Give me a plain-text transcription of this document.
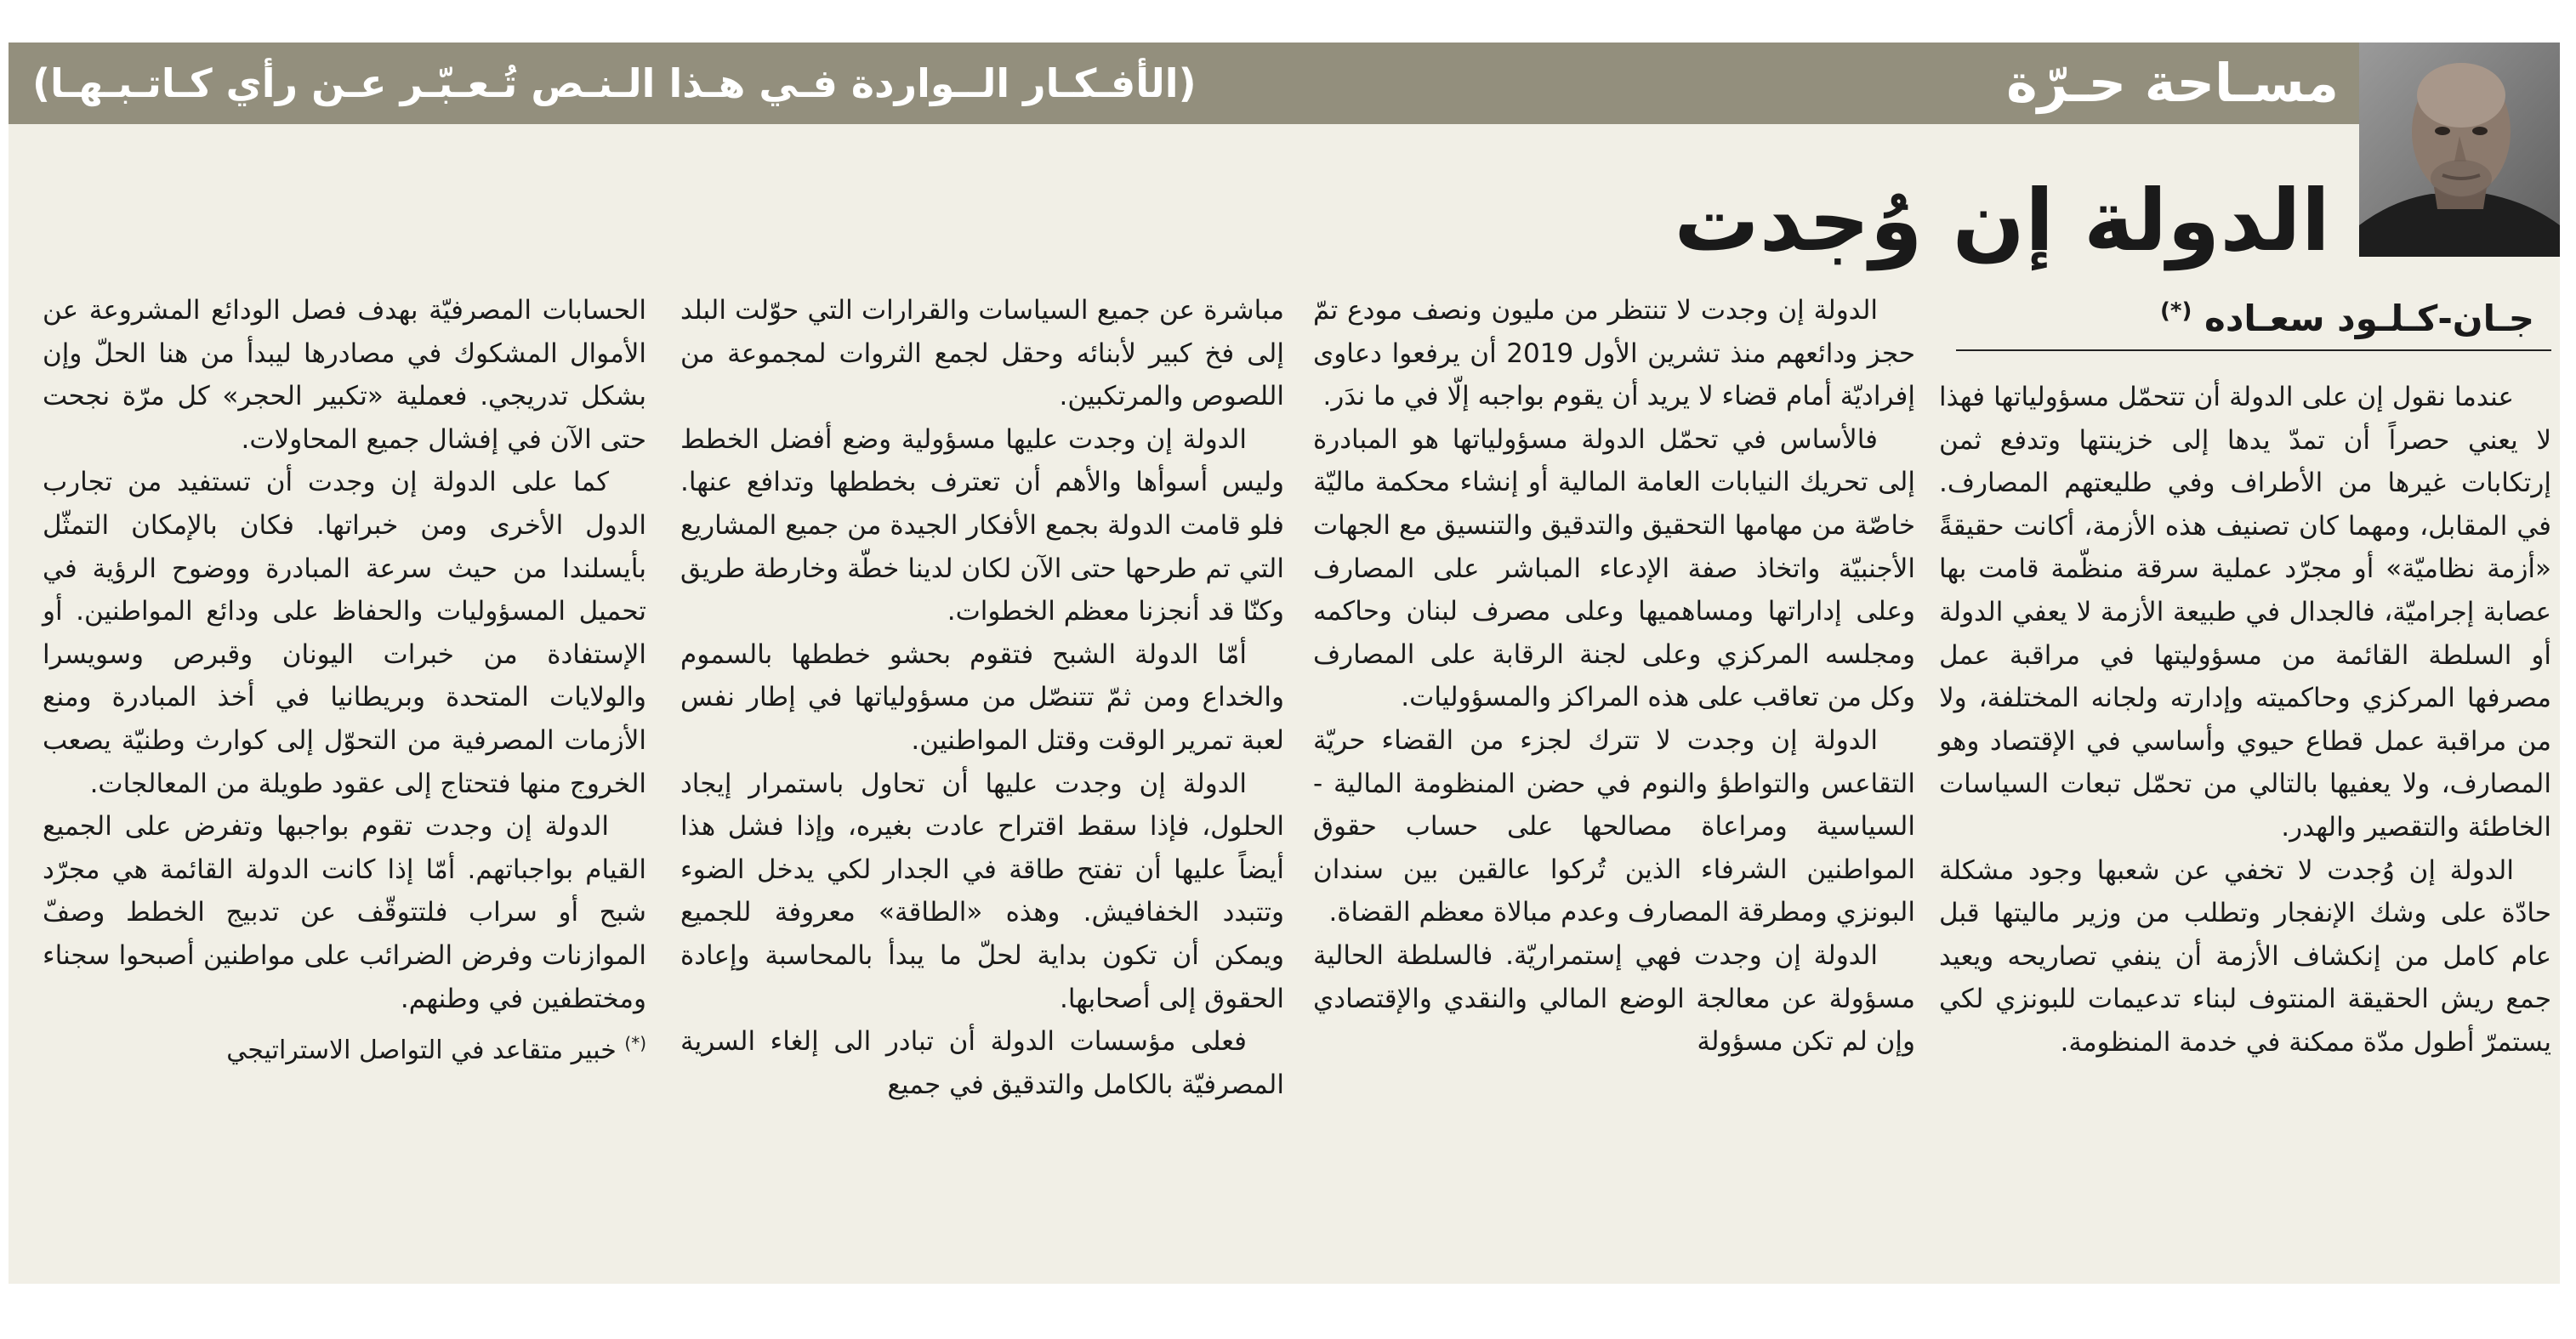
مسـاحة حـرّة
(الأفـكـار الــواردة فـي هـذا الـنـص تُـعـبّـر عـن رأي كـاتـبـهـا)
الدولة إن وُجدت
جـان-كـلـود سعـاده (*)

عندما نقول إن على الدولة أن تتحمّل مسؤولياتها فهذا لا يعني حصراً أن تمدّ يدها إلى خزينتها وتدفع ثمن إرتكابات غيرها من الأطراف وفي طليعتهم المصارف. في المقابل، ومهما كان تصنيف هذه الأزمة، أكانت حقيقةً «أزمة نظاميّة» أو مجرّد عملية سرقة منظّمة قامت بها عصابة إجراميّة، فالجدال في طبيعة الأزمة لا يعفي الدولة أو السلطة القائمة من مسؤوليتها في مراقبة عمل مصرفها المركزي وحاكميته وإدارته ولجانه المختلفة، ولا من مراقبة عمل قطاع حيوي وأساسي في الإقتصاد وهو المصارف، ولا يعفيها بالتالي من تحمّل تبعات السياسات الخاطئة والتقصير والهدر.

الدولة إن وُجدت لا تخفي عن شعبها وجود مشكلة حادّة على وشك الإنفجار وتطلب من وزير ماليتها قبل عام كامل من إنكشاف الأزمة أن ينفي تصاريحه ويعيد جمع ريش الحقيقة المنتوف لبناء تدعيمات للبونزي لكي يستمرّ أطول مدّة ممكنة في خدمة المنظومة.

الدولة إن وجدت لا تنتظر من مليون ونصف مودع تمّ حجز ودائعهم منذ تشرين الأول 2019 أن يرفعوا دعاوى إفراديّة أمام قضاء لا يريد أن يقوم بواجبه إلّا في ما ندَر.

فالأساس في تحمّل الدولة مسؤولياتها هو المبادرة إلى تحريك النيابات العامة المالية أو إنشاء محكمة ماليّة خاصّة من مهامها التحقيق والتدقيق والتنسيق مع الجهات الأجنبيّة واتخاذ صفة الإدعاء المباشر على المصارف وعلى إداراتها ومساهميها وعلى مصرف لبنان وحاكمه ومجلسه المركزي وعلى لجنة الرقابة على المصارف وكل من تعاقب على هذه المراكز والمسؤوليات.

الدولة إن وجدت لا تترك لجزء من القضاء حريّة التقاعس والتواطؤ والنوم في حضن المنظومة المالية - السياسية ومراعاة مصالحها على حساب حقوق المواطنين الشرفاء الذين تُركوا عالقين بين سندان البونزي ومطرقة المصارف وعدم مبالاة معظم القضاة.

الدولة إن وجدت فهي إستمراريّة. فالسلطة الحالية مسؤولة عن معالجة الوضع المالي والنقدي والإقتصادي وإن لم تكن مسؤولة

مباشرة عن جميع السياسات والقرارات التي حوّلت البلد إلى فخ كبير لأبنائه وحقل لجمع الثروات لمجموعة من اللصوص والمرتكبين.

الدولة إن وجدت عليها مسؤولية وضع أفضل الخطط وليس أسوأها والأهم أن تعترف بخططها وتدافع عنها. فلو قامت الدولة بجمع الأفكار الجيدة من جميع المشاريع التي تم طرحها حتى الآن لكان لدينا خطّة وخارطة طريق وكنّا قد أنجزنا معظم الخطوات.

أمّا الدولة الشبح فتقوم بحشو خططها بالسموم والخداع ومن ثمّ تتنصّل من مسؤولياتها في إطار نفس لعبة تمرير الوقت وقتل المواطنين.

الدولة إن وجدت عليها أن تحاول باستمرار إيجاد الحلول، فإذا سقط اقتراح عادت بغيره، وإذا فشل هذا أيضاً عليها أن تفتح طاقة في الجدار لكي يدخل الضوء وتتبدد الخفافيش. وهذه «الطاقة» معروفة للجميع ويمكن أن تكون بداية لحلّ ما يبدأ بالمحاسبة وإعادة الحقوق إلى أصحابها.

فعلى مؤسسات الدولة أن تبادر الى إلغاء السرية المصرفيّة بالكامل والتدقيق في جميع

الحسابات المصرفيّة بهدف فصل الودائع المشروعة عن الأموال المشكوك في مصادرها ليبدأ من هنا الحلّ وإن بشكل تدريجي. فعملية «تكبير الحجر» كل مرّة نجحت حتى الآن في إفشال جميع المحاولات.

كما على الدولة إن وجدت أن تستفيد من تجارب الدول الأخرى ومن خبراتها. فكان بالإمكان التمثّل بأيسلندا من حيث سرعة المبادرة ووضوح الرؤية في تحميل المسؤوليات والحفاظ على ودائع المواطنين. أو الإستفادة من خبرات اليونان وقبرص وسويسرا والولايات المتحدة وبريطانيا في أخذ المبادرة ومنع الأزمات المصرفية من التحوّل إلى كوارث وطنيّة يصعب الخروج منها فتحتاج إلى عقود طويلة من المعالجات.

الدولة إن وجدت تقوم بواجبها وتفرض على الجميع القيام بواجباتهم. أمّا إذا كانت الدولة القائمة هي مجرّد شبح أو سراب فلتتوقّف عن تدبيج الخطط وصفّ الموازنات وفرض الضرائب على مواطنين أصبحوا سجناء ومختطفين في وطنهم.

(*) خبير متقاعد في التواصل الاستراتيجي
